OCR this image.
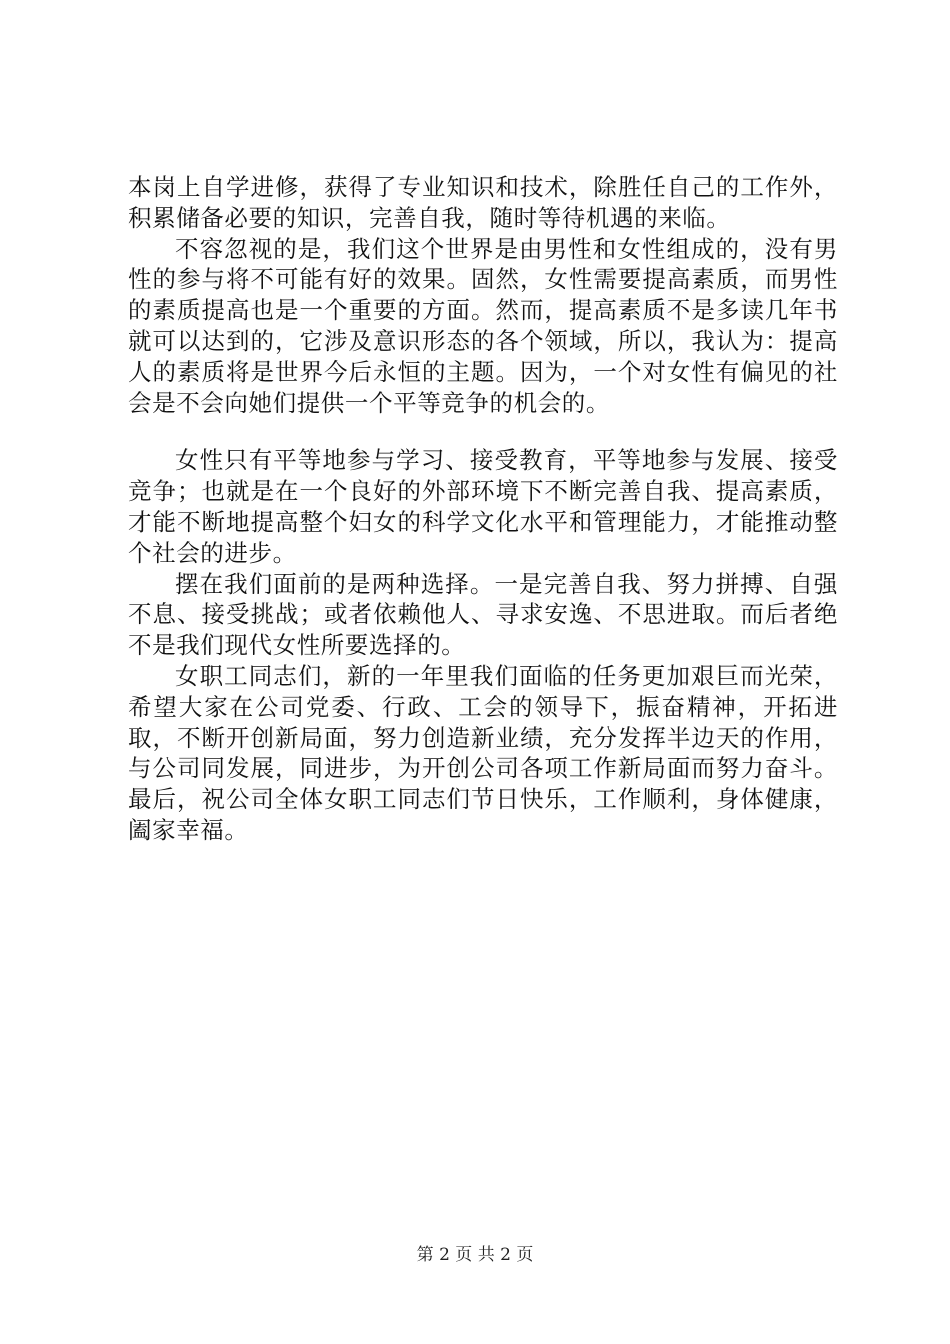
本岗上自学进修，获得了专业知识和技术，除胜任自己的工作外，积累储备必要的知识，完善自我，随时等待机遇的来临。

不容忽视的是，我们这个世界是由男性和女性组成的，没有男性的参与将不可能有好的效果。固然，女性需要提高素质，而男性的素质提高也是一个重要的方面。然而，提高素质不是多读几年书就可以达到的，它涉及意识形态的各个领域，所以，我认为：提高人的素质将是世界今后永恒的主题。因为，一个对女性有偏见的社会是不会向她们提供一个平等竞争的机会的。

女性只有平等地参与学习、接受教育，平等地参与发展、接受竞争；也就是在一个良好的外部环境下不断完善自我、提高素质，才能不断地提高整个妇女的科学文化水平和管理能力，才能推动整个社会的进步。

摆在我们面前的是两种选择。一是完善自我、努力拼搏、自强不息、接受挑战；或者依赖他人、寻求安逸、不思进取。而后者绝不是我们现代女性所要选择的。

女职工同志们，新的一年里我们面临的任务更加艰巨而光荣，希望大家在公司党委、行政、工会的领导下，振奋精神，开拓进取，不断开创新局面，努力创造新业绩，充分发挥半边天的作用，与公司同发展，同进步，为开创公司各项工作新局面而努力奋斗。最后，祝公司全体女职工同志们节日快乐，工作顺利，身体健康，阖家幸福。

第 2 页 共 2 页
